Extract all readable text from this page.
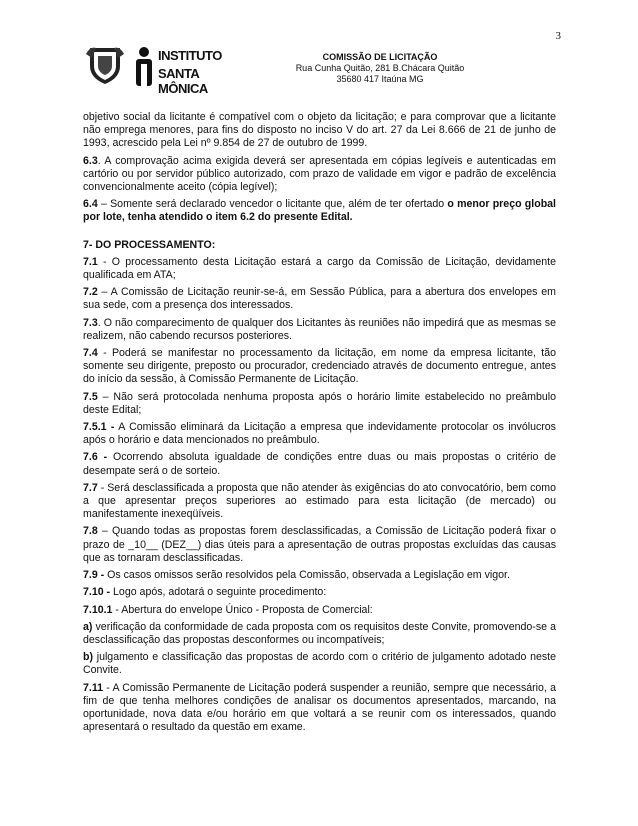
3
INSTITUTO
SANTA MÔNICA
COMISSÃO DE LICITAÇÃO
Rua Cunha Quitão, 281 B.Chácara Quitão
35680 417 Itaúna MG

objetivo social da licitante é compatível com o objeto da licitação; e para comprovar que a licitante não emprega menores, para fins do disposto no inciso V do art. 27 da Lei 8.666 de 21 de junho de 1993, acrescido pela Lei nº 9.854 de 27 de outubro de 1999.

6.3. A comprovação acima exigida deverá ser apresentada em cópias legíveis e autenticadas em cartório ou por servidor público autorizado, com prazo de validade em vigor e padrão de excelência convencionalmente aceito (cópia legível);

6.4 – Somente será declarado vencedor o licitante que, além de ter ofertado o menor preço global por lote, tenha atendido o item 6.2 do presente Edital.

7- DO PROCESSAMENTO:

7.1 - O processamento desta Licitação estará a cargo da Comissão de Licitação, devidamente qualificada em ATA;

7.2 – A Comissão de Licitação reunir-se-á, em Sessão Pública, para a abertura dos envelopes em sua sede, com a presença dos interessados.

7.3. O não comparecimento de qualquer dos Licitantes às reuniões não impedirá que as mesmas se realizem, não cabendo recursos posteriores.

7.4 - Poderá se manifestar no processamento da licitação, em nome da empresa licitante, tão somente seu dirigente, preposto ou procurador, credenciado através de documento entregue, antes do início da sessão, à Comissão Permanente de Licitação.

7.5 – Não será protocolada nenhuma proposta após o horário limite estabelecido no preâmbulo deste Edital;

7.5.1 - A Comissão eliminará da Licitação a empresa que indevidamente protocolar os invólucros após o horário e data mencionados no preâmbulo.

7.6 - Ocorrendo absoluta igualdade de condições entre duas ou mais propostas o critério de desempate será o de sorteio.

7.7 - Será desclassificada a proposta que não atender às exigências do ato convocatório, bem como a que apresentar preços superiores ao estimado para esta licitação (de mercado) ou manifestamente inexeqüíveis.

7.8 – Quando todas as propostas forem desclassificadas, a Comissão de Licitação poderá fixar o prazo de _10__ (DEZ__) dias úteis para a apresentação de outras propostas excluídas das causas que as tornaram desclassificadas.

7.9 - Os casos omissos serão resolvidos pela Comissão, observada a Legislação em vigor.

7.10 - Logo após, adotará o seguinte procedimento:

7.10.1 - Abertura do envelope Único - Proposta de Comercial:

a) verificação da conformidade de cada proposta com os requisitos deste Convite, promovendo-se a desclassificação das propostas desconformes ou incompatíveis;

b) julgamento e classificação das propostas de acordo com o critério de julgamento adotado neste Convite.

7.11 - A Comissão Permanente de Licitação poderá suspender a reunião, sempre que necessário, a fim de que tenha melhores condições de analisar os documentos apresentados, marcando, na oportunidade, nova data e/ou horário em que voltará a se reunir com os interessados, quando apresentará o resultado da questão em exame.
